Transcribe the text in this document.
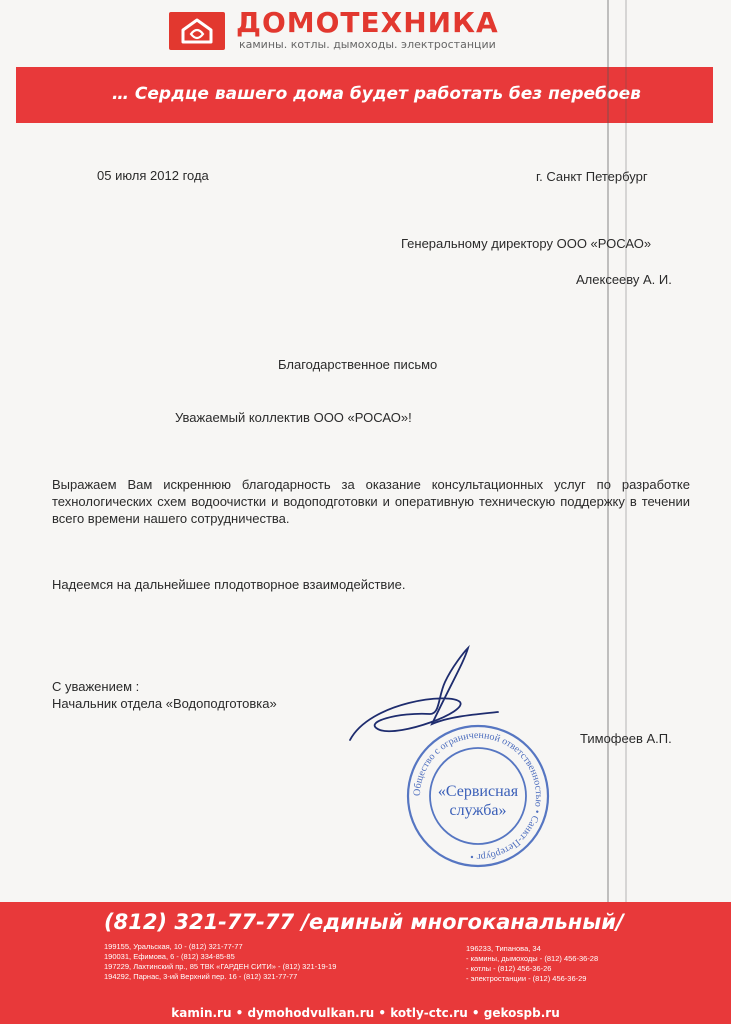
ДОМОТЕХНИКА
камины. котлы. дымоходы. электростанции
… Сердце вашего дома будет работать без перебоев
05 июля 2012 года	г. Санкт Петербург
Генеральному директору ООО «РОСАО»
Алексееву А. И.
Благодарственное письмо
Уважаемый коллектив ООО «РОСАО»!
Выражаем Вам искреннюю благодарность за оказание консультационных услуг по разработке технологических схем водоочистки и водоподготовки и оперативную техническую поддержку в течении всего времени нашего сотрудничества.
Надеемся на дальнейшее плодотворное взаимодействие.
С уважением :
Начальник отдела «Водоподготовка»
Тимофеев А.П.
Общество с ограниченной ответственностью • Санкт-Петербург •
«Сервисная
служба»
(812) 321-77-77 /единый многоканальный/
199155, Уральская, 10 - (812) 321-77-77
190031, Ефимова, 6 - (812) 334-85-85
197229, Лахтинский пр., 85 ТВК «ГАРДЕН СИТИ» - (812) 321-19-19
194292, Парнас, 3-ий Верхний пер. 16 - (812) 321-77-77
196233, Типанова, 34
- камины, дымоходы - (812) 456-36-28
- котлы - (812) 456-36-26
- электростанции - (812) 456-36-29
kamin.ru • dymohodvulkan.ru • kotly-ctc.ru • gekospb.ru
